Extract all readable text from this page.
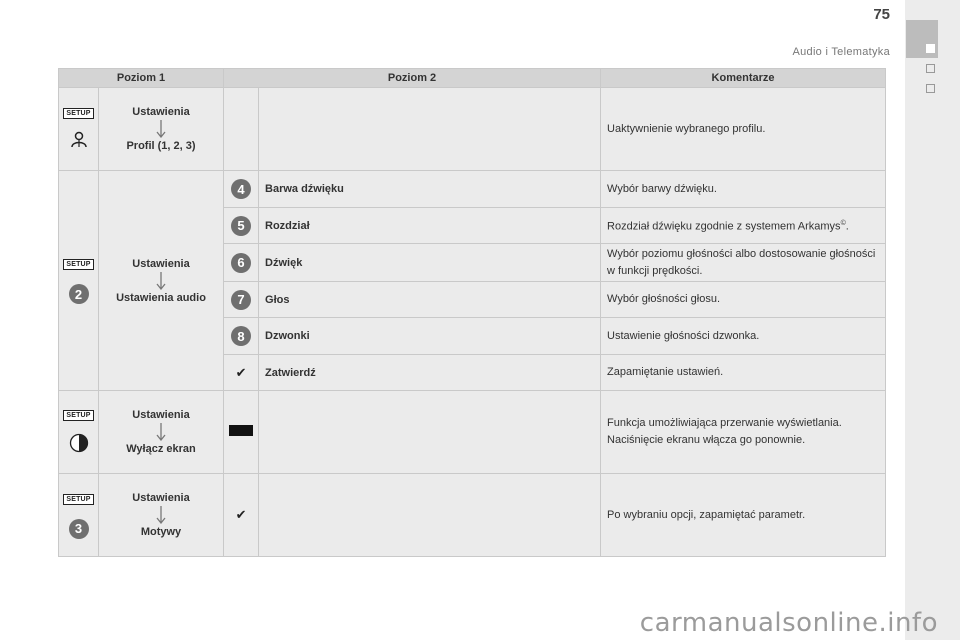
75
Audio i Telematyka
Poziom 1		Poziom 2		Komentarze

SETUP	Ustawienia
Profil (1, 2, 3)			Uaktywnienie wybranego profilu.

SETUP
2	Ustawienia
Ustawienia audio	4	Barwa dźwięku	Wybór barwy dźwięku.
		5	Rozdział	Rozdział dźwięku zgodnie z systemem Arkamys©.
		6	Dźwięk	Wybór poziomu głośności albo dostosowanie głośności w funkcji prędkości.
		7	Głos	Wybór głośności głosu.
		8	Dzwonki	Ustawienie głośności dzwonka.
		✔	Zatwierdź	Zapamiętanie ustawień.

SETUP	Ustawienia
Wyłącz ekran			Funkcja umożliwiająca przerwanie wyświetlania. Naciśnięcie ekranu włącza go ponownie.

SETUP
3	Ustawienia
Motywy	✔		Po wybraniu opcji, zapamiętać parametr.
carmanualsonline.info
